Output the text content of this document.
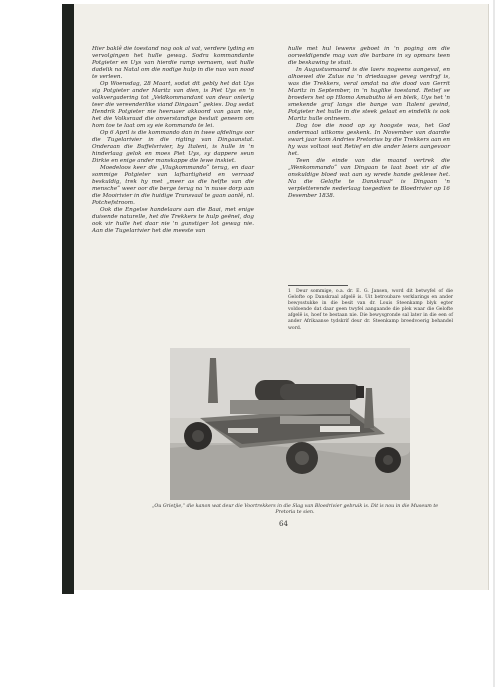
Hier baklê die toestand nog ook al vat, verdere lyding en vervolgingen het hulle gewag. Sodra kommandante Potgieter en Uys van hierdie ramp vernaem, wat hulle dadelik na Natal om die nodige hulp in die nuo van nood te verleen.

Op Woensdag, 28 Maart, sodat dit gebly het dat Uys sig Potgieter ander Maritz van dien, is Piet Uys en 'n volkvergadering tot „Veldkommandant van deur onlerig teer die vereenderlike viand Dingaan“ gekies. Dog sedat Hendrik Potgieter nie heeruaer akkoord van gaan nie, het die Volksraad die onverstandige besluit geneem om hom toe te laat om sy eie kommando te lei.

Op 6 April is die kommando dan in twee afdelings oor die Tugelarivier in die rigting van Dingaanstat. Onderaan die Buffelsrivier, by Italeni, is hulle in 'n hinderlaag gelok en moes Piet Uys, sy dappere seun Dirkie en enige ander manskappe die lewe inskiet.

Moedeloos keer die „Vlugkommando“ terug, en daar sommige Potgieter van lafhartigheid en verraad beskuldig, trek hy met „meer as die helfte van die mensche“ weer oor die berge terug na 'n nuwe dorp aan die Mooirivier in die huidige Transvaal te gaan aanlê, nl. Potchefstroom.

Ook die Engelse handelaars aan die Baai, met enige duisende naturelle, het die Trekkers te hulp geënel, dog ook vir hulle het daar nie 'n gunstiger lot gewag nie. Aan die Tugelarivier het die meeste van

hulle met hul lewens geboet in 'n poging om die oorweldigende mag van die barbare in sy opmars teen die beskawing te stuit.

In Augustusmaand is die laers nogeens aangeval, en alhoewel die Zulus na 'n driedaagse geveg verdryf is, was die Trekkers, veral omdat na die dood van Gerrit Maritz in September, in 'n haglike toestand. Retief se broeders het op Hlomo Amabutho iê en bleik, Uys het 'n smekende graf langs die bange van Italeni gevind, Potgieter het hulle in die steek gelaat en eindelik is ook Maritz hulle ontneem.

Dog toe die nood op sy hoogste was, het God ondermaal uitkoms geskenk. In November van daardie swart jaar kom Andries Pretorius by die Trekkers aan en hy was voltooi wat Retief en die ander leiers aangevoor het.

Teen die einde van die maand vertrek die „Wenkommando“ van Dingaan te laat boet vir al die onskuldige bloed wat aan sy wrede hande geklewe het. Na die Gelofte te Danskraal¹ is Dingaan 'n verpletterende nederlaag toegedien te Bloedrivier op 16 Desember 1838.

1 Deur sommige, o.a. dr. E. G. Jansen, word dit betwyfel of die Gelofte op Danskraal afgelê is. Uit betroubare verklarings en ander bewysstukke in die besit van dr. Louis Steenkamp blyk egter voldoende dat daar geen twyfel aangaande die plek waar die Gelofte afgelê is, hoef te bestaan nie. Die bewysgronde sal later in die een of ander Afrikaanse tydskrif deur dr. Steenkamp breedvoerig behandel word.
„Ou Grietjie,“ die kanon wat deur die Voortrekkers in die Slag van Bloedrivier gebruik is. Dit is nou in die Museum te Pretoria te sien.
64
